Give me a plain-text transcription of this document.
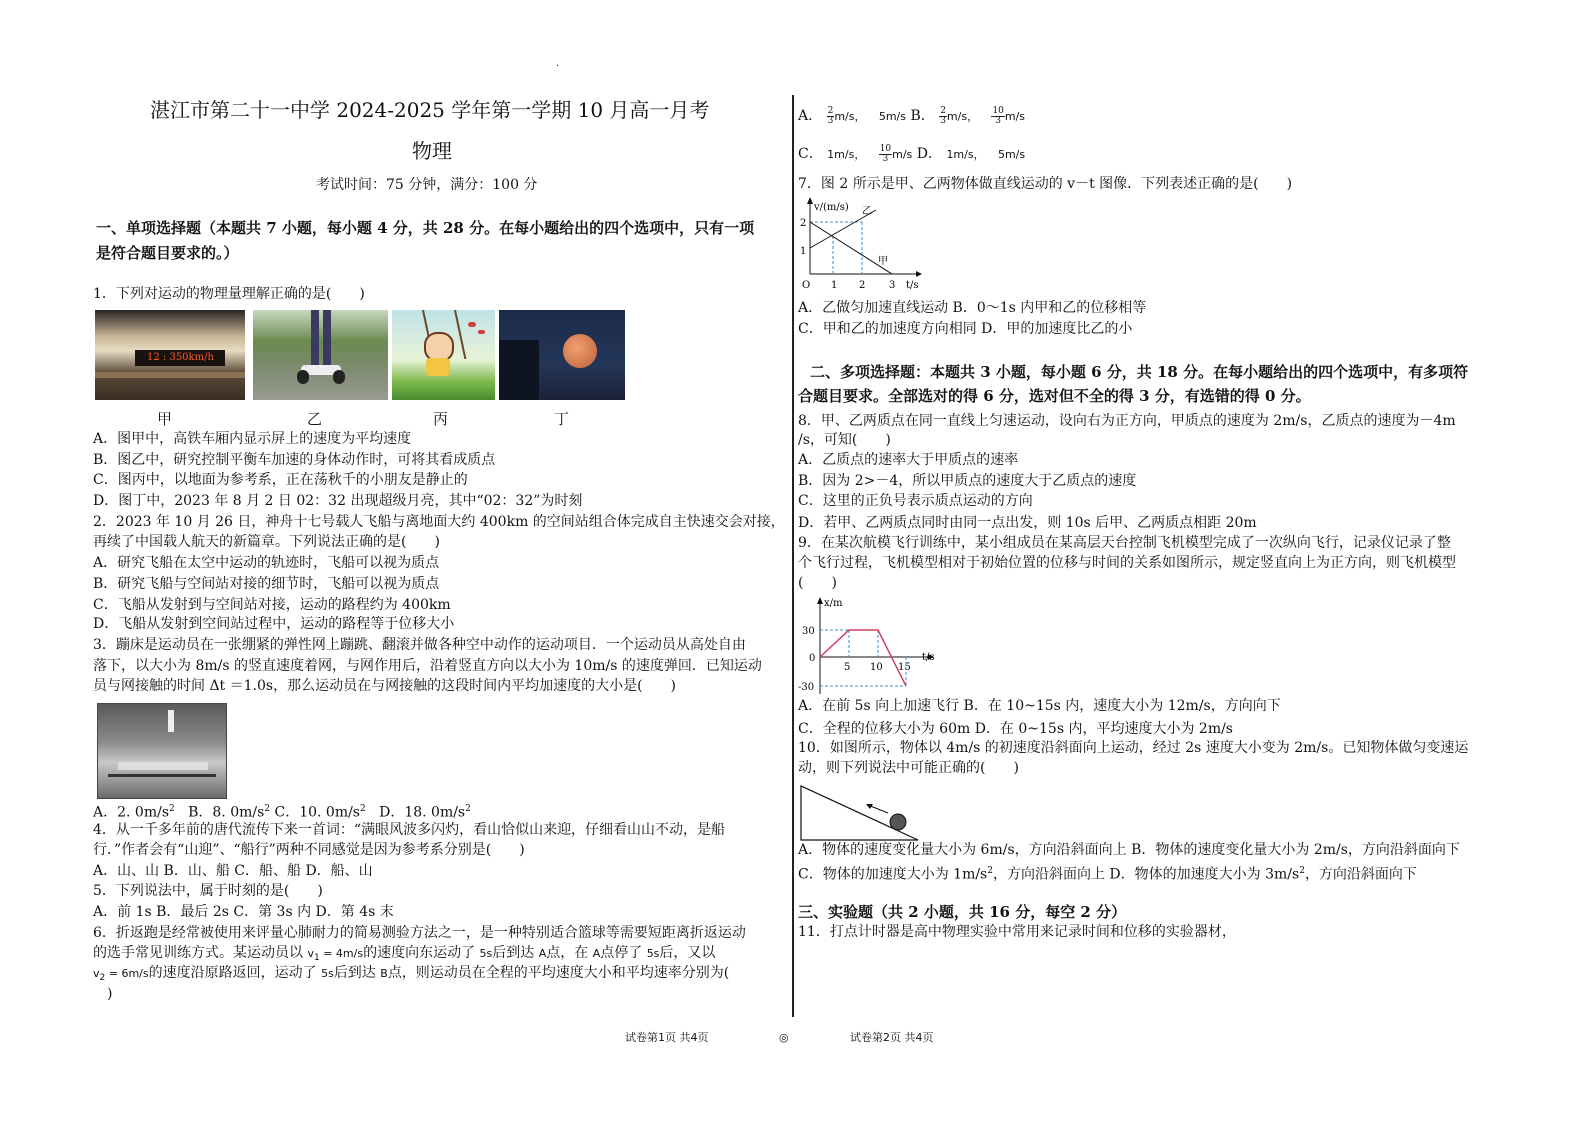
·
湛江市第二十一中学 2024-2025 学年第一学期 10 月高一月考
物理
考试时间：75 分钟，满分：100 分
一、单项选择题（本题共 7 小题，每小题 4 分，共 28 分。在每小题给出的四个选项中，只有一项
是符合题目要求的。）
1．下列对运动的物理量理解正确的是(　　)
12 : 350km/h
甲	乙	丙	丁
A．图甲中，高铁车厢内显示屏上的速度为平均速度
B．图乙中，研究控制平衡车加速的身体动作时，可将其看成质点
C．图丙中，以地面为参考系，正在荡秋千的小朋友是静止的
D．图丁中，2023 年 8 月 2 日 02：32 出现超级月亮，其中“02：32”为时刻
2．2023 年 10 月 26 日，神舟十七号载人飞船与离地面大约 400km 的空间站组合体完成自主快速交会对接，
再续了中国载人航天的新篇章。下列说法正确的是(　　)
A．研究飞船在太空中运动的轨迹时，飞船可以视为质点
B．研究飞船与空间站对接的细节时，飞船可以视为质点
C．飞船从发射到与空间站对接，运动的路程约为 400km
D．飞船从发射到空间站过程中，运动的路程等于位移大小
3．蹦床是运动员在一张绷紧的弹性网上蹦跳、翻滚并做各种空中动作的运动项目．一个运动员从高处自由
落下，以大小为 8m/s 的竖直速度着网，与网作用后，沿着竖直方向以大小为 10m/s 的速度弹回．已知运动
员与网接触的时间 Δt ＝1.0s，那么运动员在与网接触的这段时间内平均加速度的大小是(　　)
A．2. $0m/s^2$ B．8. $0m/s^2$ C．10. $0m/s^2$ D．18. $0m/s^2$
4．从一千多年前的唐代流传下来一首词：“满眼风波多闪灼，看山恰似山来迎，仔细看山山不动，是船
行．”作者会有“山迎”、“船行”两种不同感觉是因为参考系分别是(　　)
A．山、山 B．山、船 C．船、船 D．船、山
5．下列说法中，属于时刻的是(　　)
A．前 1s B．最后 2s C．第 3s 内 D．第 4s 末
6．折返跑是经常被使用来评量心肺耐力的简易测验方法之一，是一种特别适合篮球等需要短距离折返运动
的选手常见训练方式。某运动员以 $v_1 = 4m/s$的速度向东运动了 5s后到达 A点，在 A点停了 5s后，又以
$v_2 = 6m/s$的速度沿原路返回，运动了 5s后到达 B点，则运动员在全程的平均速度大小和平均速率分别为(
　)
A． $\frac{2}{3} m/s$， 5m/s B． $\frac{2}{3} m/s$， $\frac{10}{3} m/s$
C． 1m/s， $\frac{10}{3} m/s$ D． 1m/s， 5m/s
7．图 2 所示是甲、乙两物体做直线运动的 v－t 图像．下列表述正确的是(　　)
v/(m/s)
t/s
O
2
1
1 2 3
乙
甲
A．乙做匀加速直线运动 B．0～1s 内甲和乙的位移相等
C．甲和乙的加速度方向相同 D．甲的加速度比乙的小
二、多项选择题：本题共 3 小题，每小题 6 分，共 18 分。在每小题给出的四个选项中，有多项符
合题目要求。全部选对的得 6 分，选对但不全的得 3 分，有选错的得 0 分。
8．甲、乙两质点在同一直线上匀速运动，设向右为正方向，甲质点的速度为 2m/s，乙质点的速度为－4m
/s，可知(　　)
A．乙质点的速率大于甲质点的速率
B．因为 2>－4，所以甲质点的速度大于乙质点的速度
C．这里的正负号表示质点运动的方向
D．若甲、乙两质点同时由同一点出发，则 10s 后甲、乙两质点相距 20m
9．在某次航模飞行训练中，某小组成员在某高层天台控制飞机模型完成了一次纵向飞行，记录仪记录了整
个飞行过程，飞机模型相对于初始位置的位移与时间的关系如图所示，规定竖直向上为正方向，则飞机模型
(　　)
x/m
t/s
30
0
-30
5 10 15
A．在前 5s 向上加速飞行 B．在 10~15s 内，速度大小为 12m/s，方向向下
C．全程的位移大小为 60m D．在 0~15s 内，平均速度大小为 2m/s
10．如图所示，物体以 4m/s 的初速度沿斜面向上运动，经过 2s 速度大小变为 2m/s。已知物体做匀变速运
动，则下列说法中可能正确的(　　)
A．物体的速度变化量大小为 6m/s，方向沿斜面向上 B．物体的速度变化量大小为 2m/s，方向沿斜面向下
C．物体的加速度大小为 $1m/s^2$，方向沿斜面向上 D．物体的加速度大小为 $3m/s^2$，方向沿斜面向下
三、实验题（共 2 小题，共 16 分，每空 2 分）
11．打点计时器是高中物理实验中常用来记录时间和位移的实验器材，
试卷第1页 共4页	◎	试卷第2页 共4页
